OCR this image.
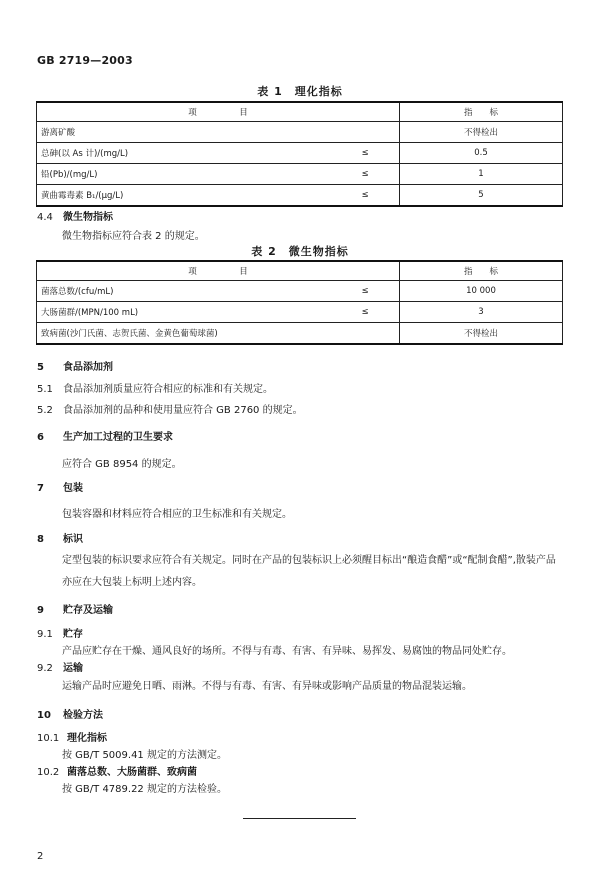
GB 2719—2003
表 1　理化指标
项　　　　　目		指　　标
游离矿酸		不得检出
总砷(以 As 计)/(mg/L)	≤	0.5
铅(Pb)/(mg/L)	≤	1
黄曲霉毒素 B₁/(μg/L)	≤	5
4.4 微生物指标
微生物指标应符合表 2 的规定。
表 2　微生物指标
项　　　　　目		指　　标
菌落总数/(cfu/mL)	≤	10 000
大肠菌群/(MPN/100 mL)	≤	3
致病菌(沙门氏菌、志贺氏菌、金黄色葡萄球菌)		不得检出
5 食品添加剂
5.1 食品添加剂质量应符合相应的标准和有关规定。
5.2 食品添加剂的品种和使用量应符合 GB 2760 的规定。
6 生产加工过程的卫生要求
应符合 GB 8954 的规定。
7 包装
包装容器和材料应符合相应的卫生标准和有关规定。
8 标识
定型包装的标识要求应符合有关规定。同时在产品的包装标识上必须醒目标出“酿造食醋”或“配制食醋”,散装产品亦应在大包装上标明上述内容。
9 贮存及运输
9.1 贮存
产品应贮存在干燥、通风良好的场所。不得与有毒、有害、有异味、易挥发、易腐蚀的物品同处贮存。
9.2 运输
运输产品时应避免日晒、雨淋。不得与有毒、有害、有异味或影响产品质量的物品混装运输。
10 检验方法
10.1 理化指标
按 GB/T 5009.41 规定的方法测定。
10.2 菌落总数、大肠菌群、致病菌
按 GB/T 4789.22 规定的方法检验。
2
